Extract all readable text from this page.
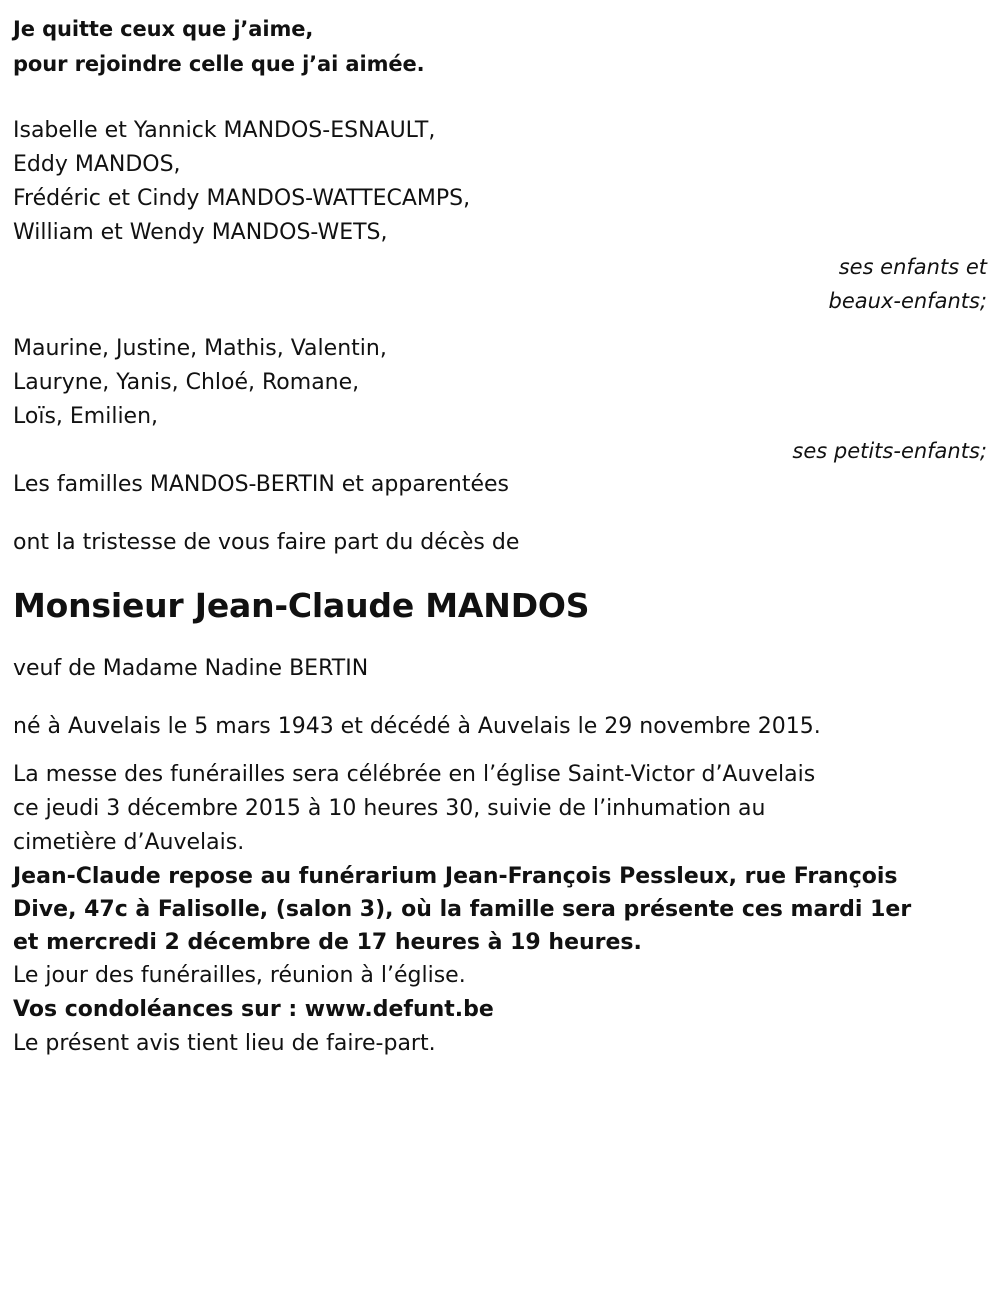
Je quitte ceux que j’aime,
pour rejoindre celle que j’ai aimée.
Isabelle et Yannick MANDOS-ESNAULT,
Eddy MANDOS,
Frédéric et Cindy MANDOS-WATTECAMPS,
William et Wendy MANDOS-WETS,
ses enfants et
beaux-enfants;
Maurine, Justine, Mathis, Valentin,
Lauryne, Yanis, Chloé, Romane,
Loïs, Emilien,
ses petits-enfants;
Les familles MANDOS-BERTIN et apparentées
ont la tristesse de vous faire part du décès de
Monsieur Jean-Claude MANDOS
veuf de Madame Nadine BERTIN
né à Auvelais le 5 mars 1943 et décédé à Auvelais le 29 novembre 2015.
La messe des funérailles sera célébrée en l’église Saint-Victor d’Auvelais
ce jeudi 3 décembre 2015 à 10 heures 30, suivie de l’inhumation au
cimetière d’Auvelais.
Jean-Claude repose au funérarium Jean-François Pessleux, rue François
Dive, 47c à Falisolle, (salon 3), où la famille sera présente ces mardi 1er
et mercredi 2 décembre de 17 heures à 19 heures.
Le jour des funérailles, réunion à l’église.
Vos condoléances sur : www.defunt.be
Le présent avis tient lieu de faire-part.
